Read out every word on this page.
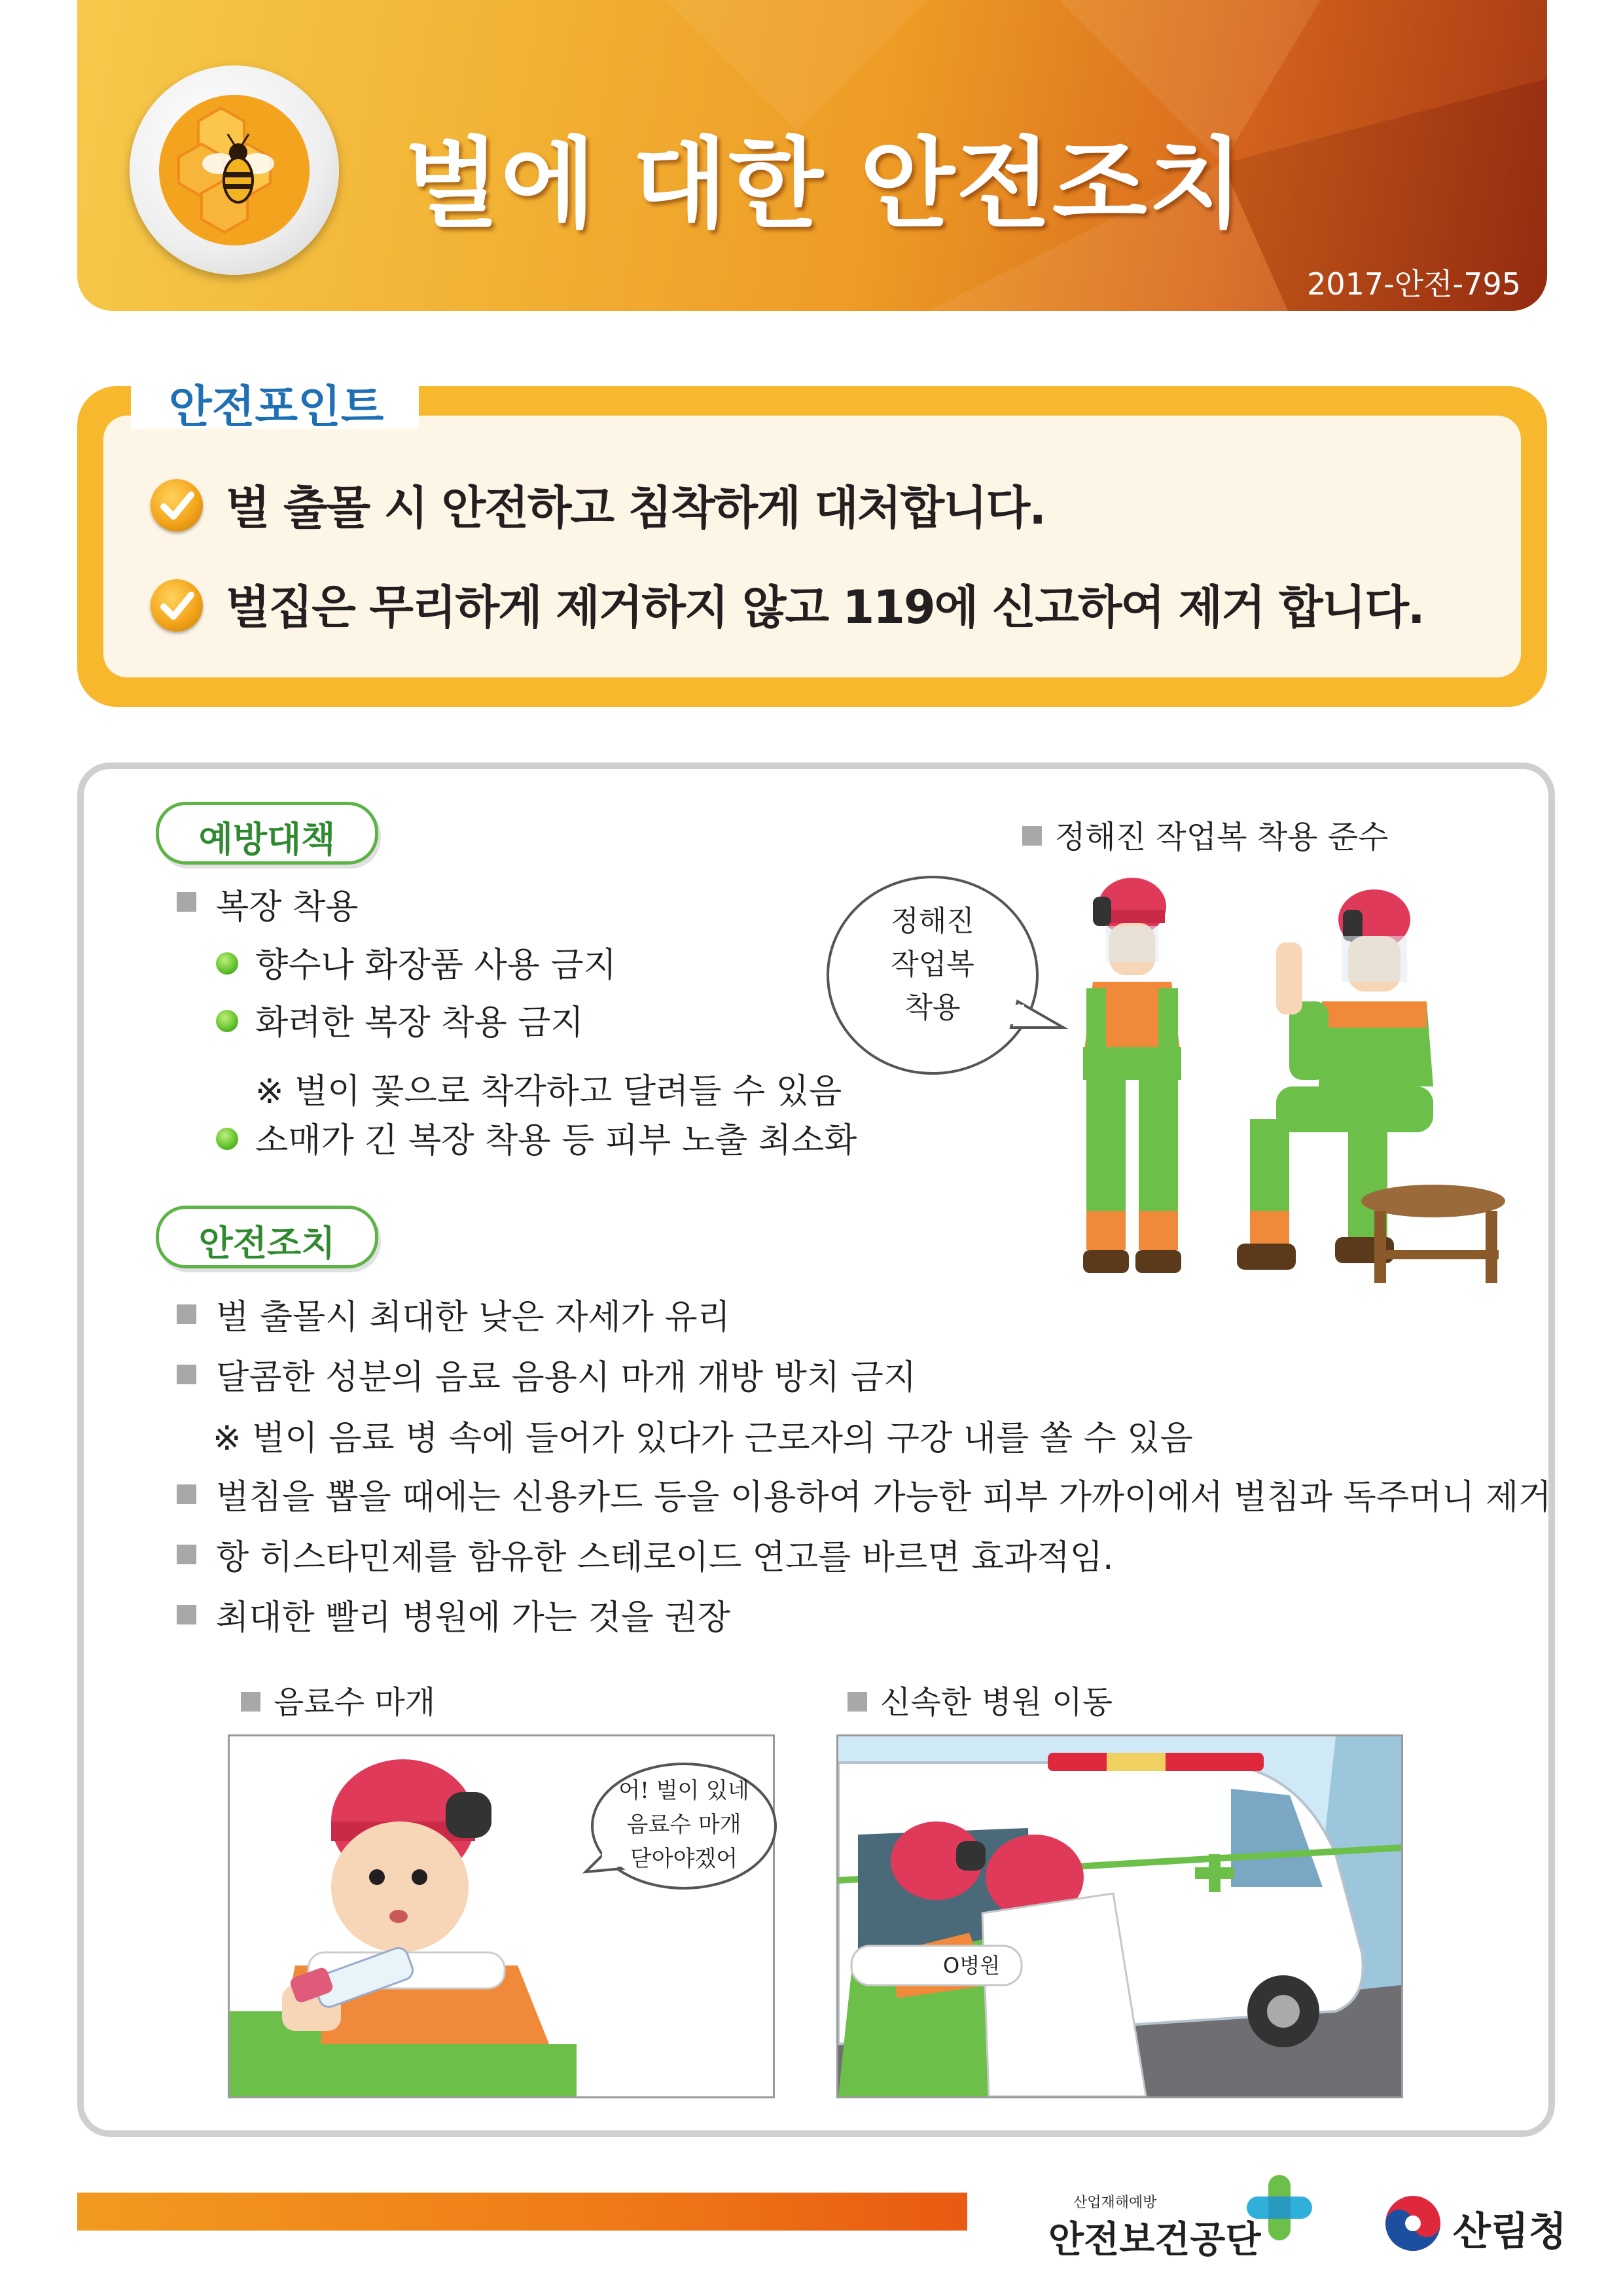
벌에 대한 안전조치
2017-안전-795
안전포인트
벌 출몰 시 안전하고 침착하게 대처합니다.
벌집은 무리하게 제거하지 않고 119에 신고하여 제거 합니다.
예방대책
복장 착용
향수나 화장품 사용 금지
화려한 복장 착용 금지
※ 벌이 꽃으로 착각하고 달려들 수 있음
소매가 긴 복장 착용 등 피부 노출 최소화
정해진 작업복 착용 준수
정해진
작업복
착용
안전조치
벌 출몰시 최대한 낮은 자세가 유리
달콤한 성분의 음료 음용시 마개 개방 방치 금지
※ 벌이 음료 병 속에 들어가 있다가 근로자의 구강 내를 쏠 수 있음
벌침을 뽑을 때에는 신용카드 등을 이용하여 가능한 피부 가까이에서 벌침과 독주머니 제거
항 히스타민제를 함유한 스테로이드 연고를 바르면 효과적임.
최대한 빨리 병원에 가는 것을 권장
음료수 마개	신속한 병원 이동
어! 벌이 있네
음료수 마개
닫아야겠어
O병원
산업재해예방
안전보건공단	산림청
